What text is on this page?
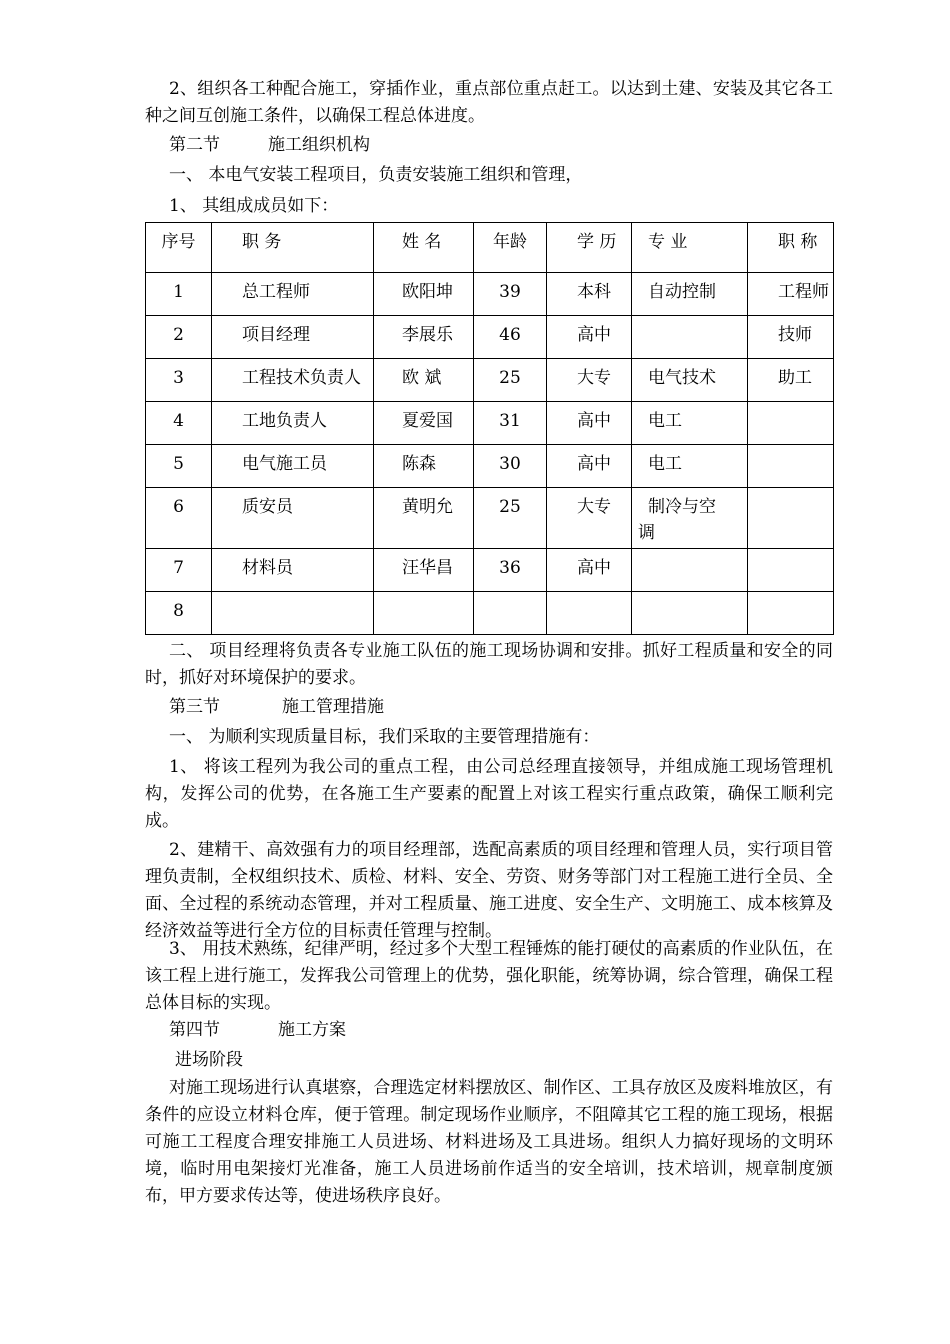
2、组织各工种配合施工，穿插作业，重点部位重点赶工。以达到土建、安装及其它各工种之间互创施工条件，以确保工程总体进度。

第二节	施工组织机构
一、 本电气安装工程项目，负责安装施工组织和管理，
1、 其组成成员如下：
序号	职 务	姓 名	年龄	学 历	专 业	职 称
1	总工程师	欧阳坤	39	本科	自动控制	工程师
2	项目经理	李展乐	46	高中		技师
3	工程技术负责人	欧 斌	25	大专	电气技术	助工
4	工地负责人	夏爱国	31	高中	电工	
5	电气施工员	陈森	30	高中	电工	
6	质安员	黄明允	25	大专	制冷与空
调	

7	材料员	汪华昌	36	高中		
8						

二、 项目经理将负责各专业施工队伍的施工现场协调和安排。抓好工程质量和安全的同时，抓好对环境保护的要求。

第三节	施工管理措施
一、 为顺利实现质量目标，我们采取的主要管理措施有：

1、 将该工程列为我公司的重点工程，由公司总经理直接领导，并组成施工现场管理机构，发挥公司的优势，在各施工生产要素的配置上对该工程实行重点政策，确保工顺利完成。

2、建精干、高效强有力的项目经理部，选配高素质的项目经理和管理人员，实行项目管理负责制，全权组织技术、质检、材料、安全、劳资、财务等部门对工程施工进行全员、全面、全过程的系统动态管理，并对工程质量、施工进度、安全生产、文明施工、成本核算及经济效益等进行全方位的目标责任管理与控制。

3、 用技术熟练，纪律严明，经过多个大型工程锤炼的能打硬仗的高素质的作业队伍，在该工程上进行施工，发挥我公司管理上的优势，强化职能，统筹协调，综合管理，确保工程总体目标的实现。

第四节	施工方案
进场阶段

对施工现场进行认真堪察，合理选定材料摆放区、制作区、工具存放区及废料堆放区，有条件的应设立材料仓库，便于管理。制定现场作业顺序，不阻障其它工程的施工现场，根据可施工工程度合理安排施工人员进场、材料进场及工具进场。组织人力搞好现场的文明环境，临时用电架接灯光准备，施工人员进场前作适当的安全培训，技术培训，规章制度颁布，甲方要求传达等，使进场秩序良好。
